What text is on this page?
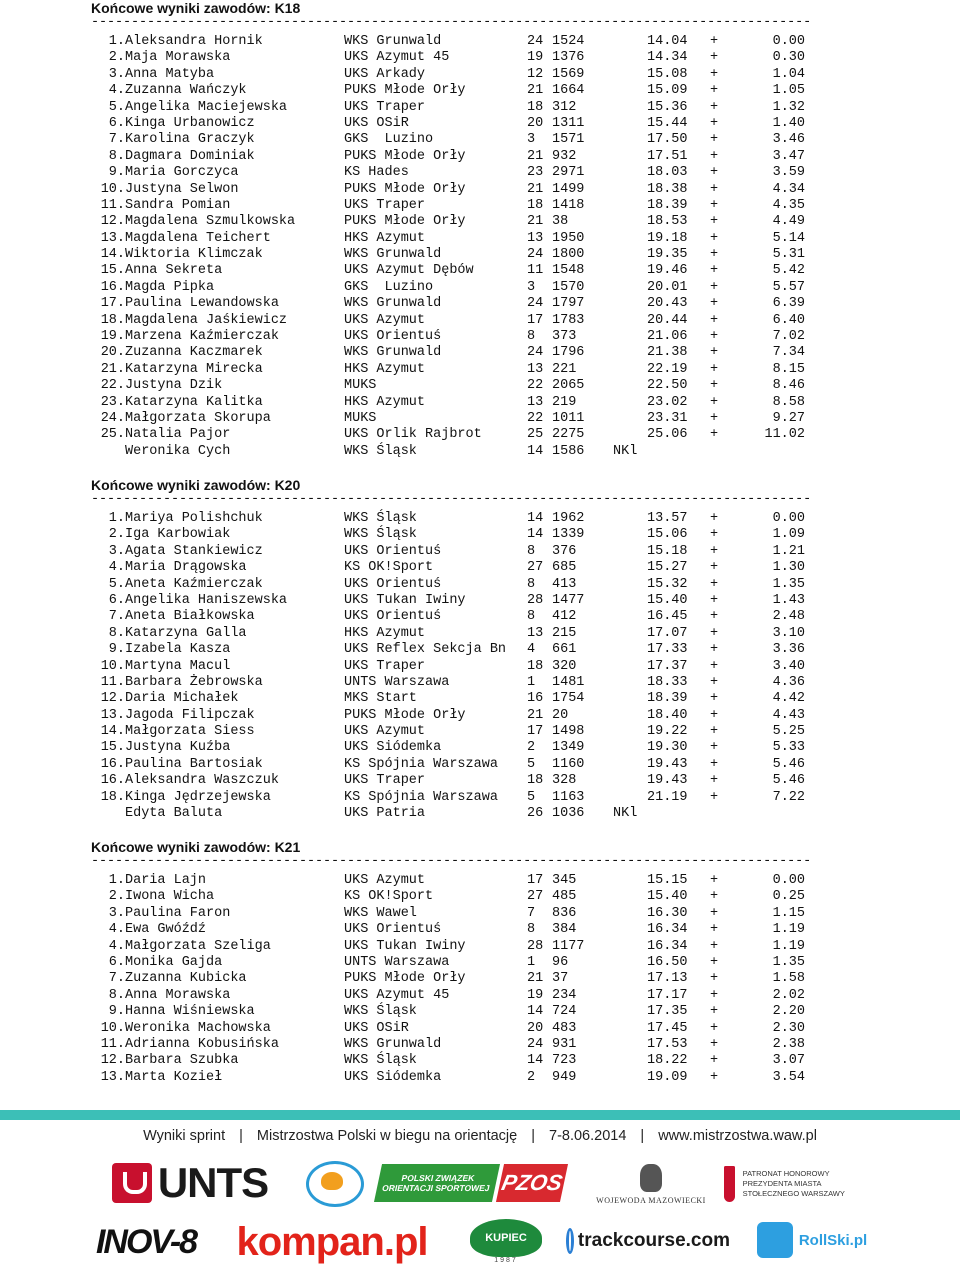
Końcowe wyniki zawodów: K18
------------------------------------------------------------------------------------------
1. Aleksandra Hornik	WKS Grunwald	24 1524	14.04 +	0.00
2. Maja Morawska	UKS Azymut 45	19 1376	14.34 +	0.30
3. Anna Matyba	UKS Arkady	12 1569	15.08 +	1.04
4. Zuzanna Wańczyk	PUKS Młode Orły	21 1664	15.09 +	1.05
5. Angelika Maciejewska	UKS Traper	18 312	15.36 +	1.32
6. Kinga Urbanowicz	UKS OSiR	20 1311	15.44 +	1.40
7. Karolina Graczyk	GKS  Luzino	3 1571	17.50 +	3.46
8. Dagmara Dominiak	PUKS Młode Orły	21 932	17.51 +	3.47
9. Maria Gorczyca	KS Hades	23 2971	18.03 +	3.59
10. Justyna Selwon	PUKS Młode Orły	21 1499	18.38 +	4.34
11. Sandra Pomian	UKS Traper	18 1418	18.39 +	4.35
12. Magdalena Szmulkowska	PUKS Młode Orły	21 38	18.53 +	4.49
13. Magdalena Teichert	HKS Azymut	13 1950	19.18 +	5.14
14. Wiktoria Klimczak	WKS Grunwald	24 1800	19.35 +	5.31
15. Anna Sekreta	UKS Azymut Dębów	11 1548	19.46 +	5.42
16. Magda Pipka	GKS  Luzino	3 1570	20.01 +	5.57
17. Paulina Lewandowska	WKS Grunwald	24 1797	20.43 +	6.39
18. Magdalena Jaśkiewicz	UKS Azymut	17 1783	20.44 +	6.40
19. Marzena Kaźmierczak	UKS Orientuś	8 373	21.06 +	7.02
20. Zuzanna Kaczmarek	WKS Grunwald	24 1796	21.38 +	7.34
21. Katarzyna Mirecka	HKS Azymut	13 221	22.19 +	8.15
22. Justyna Dzik	MUKS	22 2065	22.50 +	8.46
23. Katarzyna Kalitka	HKS Azymut	13 219	23.02 +	8.58
24. Małgorzata Skorupa	MUKS	22 1011	23.31 +	9.27
25. Natalia Pajor	UKS Orlik Rajbrot	25 2275	25.06 +	11.02
Weronika Cych	WKS Śląsk	14 1586 NKl
Końcowe wyniki zawodów: K20
------------------------------------------------------------------------------------------
1. Mariya Polishchuk	WKS Śląsk	14 1962	13.57 +	0.00
2. Iga Karbowiak	WKS Śląsk	14 1339	15.06 +	1.09
3. Agata Stankiewicz	UKS Orientuś	8 376	15.18 +	1.21
4. Maria Drągowska	KS OK!Sport	27 685	15.27 +	1.30
5. Aneta Kaźmierczak	UKS Orientuś	8 413	15.32 +	1.35
6. Angelika Haniszewska	UKS Tukan Iwiny	28 1477	15.40 +	1.43
7. Aneta Białkowska	UKS Orientuś	8 412	16.45 +	2.48
8. Katarzyna Galla	HKS Azymut	13 215	17.07 +	3.10
9. Izabela Kasza	UKS Reflex Sekcja Bn 4 661	17.33 +	3.36
10. Martyna Macul	UKS Traper	18 320	17.37 +	3.40
11. Barbara Żebrowska	UNTS Warszawa	1 1481	18.33 +	4.36
12. Daria Michałek	MKS Start	16 1754	18.39 +	4.42
13. Jagoda Filipczak	PUKS Młode Orły	21 20	18.40 +	4.43
14. Małgorzata Siess	UKS Azymut	17 1498	19.22 +	5.25
15. Justyna Kuźba	UKS Siódemka	2 1349	19.30 +	5.33
16. Paulina Bartosiak	KS Spójnia Warszawa 5 1160	19.43 +	5.46
16. Aleksandra Waszczuk	UKS Traper	18 328	19.43 +	5.46
18. Kinga Jędrzejewska	KS Spójnia Warszawa 5 1163	21.19 +	7.22
Edyta Baluta	UKS Patria	26 1036 NKl
Końcowe wyniki zawodów: K21
------------------------------------------------------------------------------------------
1. Daria Lajn	UKS Azymut	17 345	15.15 +	0.00
2. Iwona Wicha	KS OK!Sport	27 485	15.40 +	0.25
3. Paulina Faron	WKS Wawel	7 836	16.30 +	1.15
4. Ewa Gwóźdź	UKS Orientuś	8 384	16.34 +	1.19
4. Małgorzata Szeliga	UKS Tukan Iwiny	28 1177	16.34 +	1.19
6. Monika Gajda	UNTS Warszawa	1 96	16.50 +	1.35
7. Zuzanna Kubicka	PUKS Młode Orły	21 37	17.13 +	1.58
8. Anna Morawska	UKS Azymut 45	19 234	17.17 +	2.02
9. Hanna Wiśniewska	WKS Śląsk	14 724	17.35 +	2.20
10. Weronika Machowska	UKS OSiR	20 483	17.45 +	2.30
11. Adrianna Kobusińska	WKS Grunwald	24 931	17.53 +	2.38
12. Barbara Szubka	WKS Śląsk	14 723	18.22 +	3.07
13. Marta Kozieł	UKS Siódemka	2 949	19.09 +	3.54
Wyniki sprint | Mistrzostwa Polski w biegu na orientację | 7-8.06.2014 | www.mistrzostwa.waw.pl
UNTS	POLSKI ZWIĄZEK ORIENTACJI SPORTOWEJ PZOS
WOJEWODA MAZOWIECKI
PATRONAT HONOROWY PREZYDENTA MIASTA STOŁECZNEGO WARSZAWY
INOV-8	kompan.pl	KUPIEC
1987
trackcourse.com	RollSki.pl
